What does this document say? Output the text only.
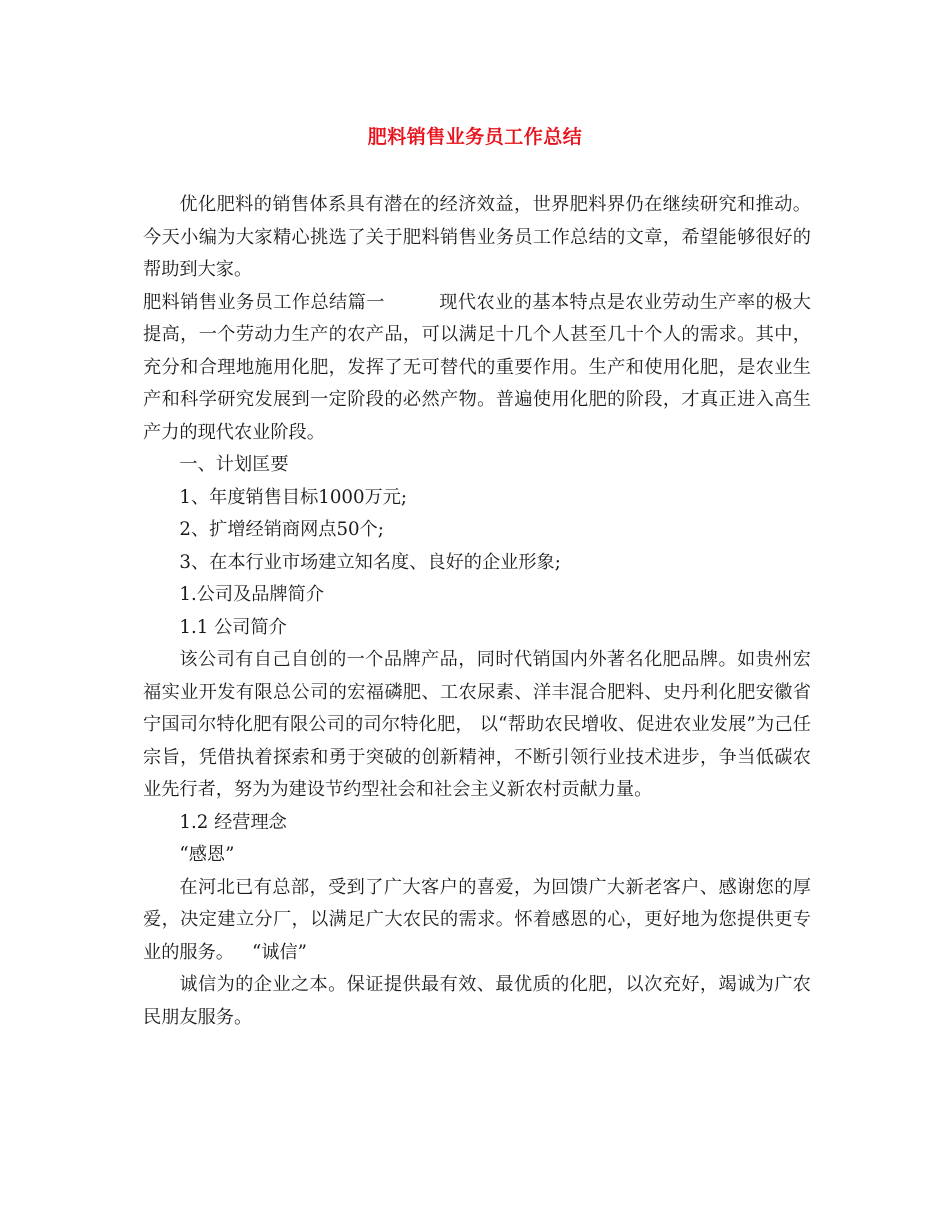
肥料销售业务员工作总结

优化肥料的销售体系具有潜在的经济效益，世界肥料界仍在继续研究和推动。今天小编为大家精心挑选了关于肥料销售业务员工作总结的文章，希望能够很好的帮助到大家。

肥料销售业务员工作总结篇一	现代农业的基本特点是农业劳动生产率的极大提高，一个劳动力生产的农产品，可以满足十几个人甚至几十个人的需求。其中，充分和合理地施用化肥，发挥了无可替代的重要作用。生产和使用化肥，是农业生产和科学研究发展到一定阶段的必然产物。普遍使用化肥的阶段，才真正进入高生产力的现代农业阶段。

一、计划匡要

1、年度销售目标1000万元;

2、扩增经销商网点50个;

3、在本行业市场建立知名度、良好的企业形象;

1.公司及品牌简介

1.1 公司简介

该公司有自己自创的一个品牌产品，同时代销国内外著名化肥品牌。如贵州宏福实业开发有限总公司的宏福磷肥、工农尿素、洋丰混合肥料、史丹利化肥安徽省宁国司尔特化肥有限公司的司尔特化肥， 以“帮助农民增收、促进农业发展”为己任宗旨，凭借执着探索和勇于突破的创新精神，不断引领行业技术进步，争当低碳农业先行者，努为为建设节约型社会和社会主义新农村贡献力量。

1.2 经营理念

“感恩”

在河北已有总部，受到了广大客户的喜爱，为回馈广大新老客户、感谢您的厚爱，决定建立分厂，以满足广大农民的需求。怀着感恩的心，更好地为您提供更专业的服务。 “诚信”

诚信为的企业之本。保证提供最有效、最优质的化肥，以次充好，竭诚为广农民朋友服务。
